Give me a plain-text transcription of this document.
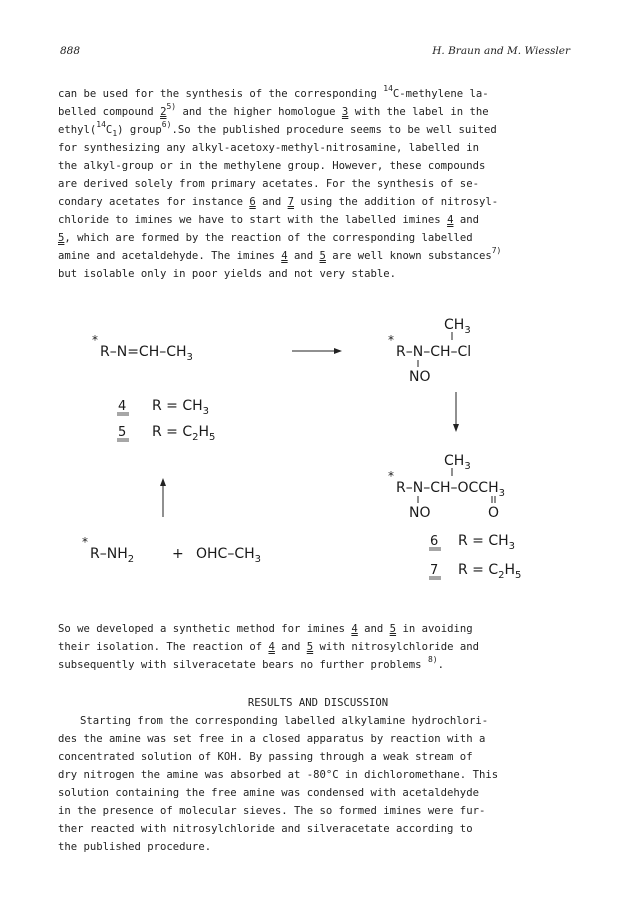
888	H. Braun and M. Wiessler

can be used for the synthesis of the corresponding $^{14}$C-methylene la-

belled compound 2$^{5)}$ and the higher homologue 3 with the label in the

$ethyl(^{14}C_1)$ group$^{6)}$.So the published procedure seems to be well suited

for synthesizing any alkyl-acetoxy-methyl-nitrosamine, labelled in

the alkyl-group or in the methylene group. However, these compounds

are derived solely from primary acetates. For the synthesis of se-

condary acetates for instance 6 and 7 using the addition of nitrosyl-

chloride to imines we have to start with the labelled imines 4 and

5, which are formed by the reaction of the corresponding labelled

amine and acetaldehyde. The imines 4 and 5 are well known substances$^{7)}$

but isolable only in poor yields and not very stable.

*
$R-N=CH-CH_3$
$CH_3$
*
R–N–CH–Cl
NO
4 $R = CH_3$
5 $R = C_2H_5$
$CH_3$
*
$R-N-CH-OCCH_3$
NO	O
*
$R-NH_2$	+ OHC–$CH_3$
6 $R = CH_3$
7 $R = C_2H_5$

So we developed a synthetic method for imines 4 and 5 in avoiding

their isolation. The reaction of 4 and 5 with nitrosylchloride and

subsequently with silveracetate bears no further problems $^{8)}$.

RESULTS AND DISCUSSION

Starting from the corresponding labelled alkylamine hydrochlori-

des the amine was set free in a closed apparatus by reaction with a

concentrated solution of KOH. By passing through a weak stream of

dry nitrogen the amine was absorbed at -80°C in dichloromethane. This

solution containing the free amine was condensed with acetaldehyde

in the presence of molecular sieves. The so formed imines were fur-

ther reacted with nitrosylchloride and silveracetate according to

the published procedure.
